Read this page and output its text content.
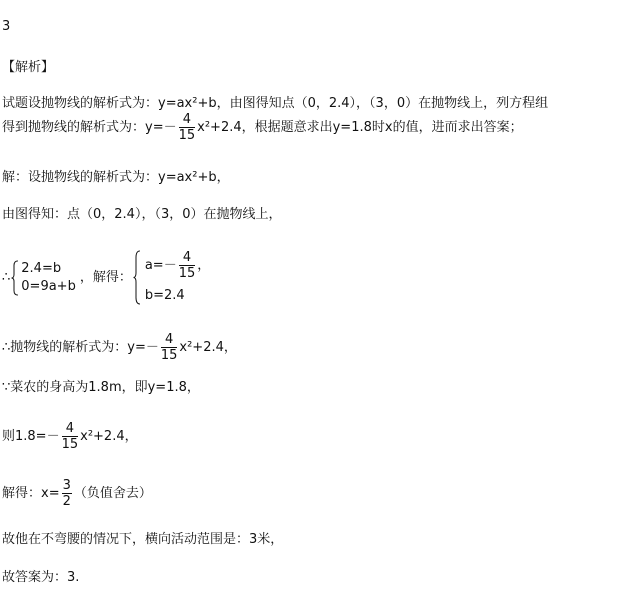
3
【解析】
试题设抛物线的解析式为：y=ax²+b，由图得知点（0，2.4），（3，0）在抛物线上，列方程组
得到抛物线的解析式为：$y=- \frac{4}{15} x^2+2.4$，根据题意求出y=1.8时x的值，进而求出答案；
解：设抛物线的解析式为：y=ax²+b，
由图得知：点（0，2.4），（3，0）在抛物线上，
∴
2.4=b
0=9a+b
，解得：
$a=- \frac{4}{15}$ ，
b=2.4
∴抛物线的解析式为：$y=- \frac{4}{15} x^2+2.4$，
∵菜农的身高为1.8m，即y=1.8，
则$1.8=- \frac{4}{15} x^2+2.4$，
解得：$x= \frac{3}{2}$ （负值舍去）
故他在不弯腰的情况下，横向活动范围是：3米，
故答案为：3.
